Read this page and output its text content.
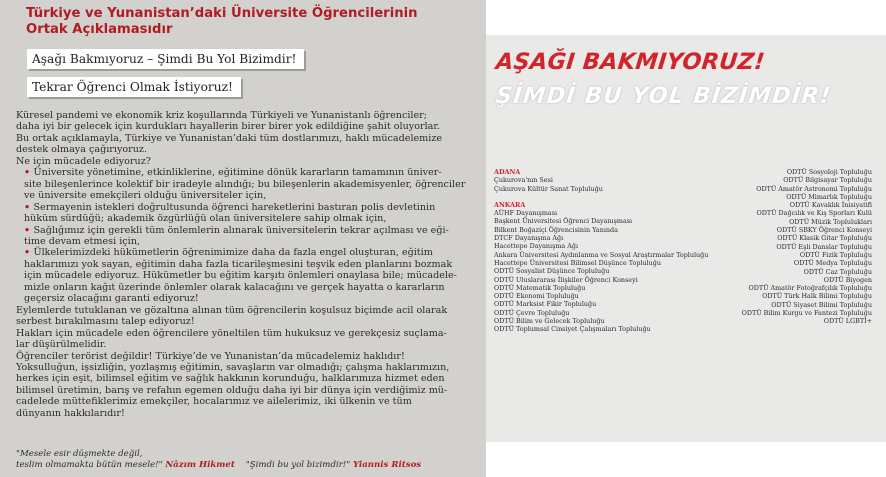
Türkiye ve Yunanistan’daki Üniversite Öğrencilerinin
Ortak Açıklamasıdır
Aşağı Bakmıyoruz – Şimdi Bu Yol Bizimdir!
Tekrar Öğrenci Olmak İstiyoruz!

Küresel pandemi ve ekonomik kriz koşullarında Türkiyeli ve Yunanistanlı öğrenciler;
daha iyi bir gelecek için kurdukları hayallerin birer birer yok edildiğine şahit oluyorlar.
Bu ortak açıklamayla, Türkiye ve Yunanistan’daki tüm dostlarımızı, haklı mücadelemize
destek olmaya çağırıyoruz.

Ne için mücadele ediyoruz?

• Üniversite yönetimine, etkinliklerine, eğitimine dönük kararların tamamının üniver-
site bileşenlerince kolektif bir iradeyle alındığı; bu bileşenlerin akademisyenler, öğrenciler
ve üniversite emekçileri olduğu üniversiteler için,

• Sermayenin istekleri doğrultusunda öğrenci hareketlerini bastıran polis devletinin
hüküm sürdüğü; akademik özgürlüğü olan üniversitelere sahip olmak için,

• Sağlığımız için gerekli tüm önlemlerin alınarak üniversitelerin tekrar açılması ve eği-
time devam etmesi için,

• Ülkelerimizdeki hükümetlerin öğrenimimize daha da fazla engel oluşturan, eğitim
haklarımızı yok sayan, eğitimin daha fazla ticarileşmesini teşvik eden planlarını bozmak
için mücadele ediyoruz. Hükümetler bu eğitim karşıtı önlemleri onaylasa bile; mücadele-
mizle onların kağıt üzerinde önlemler olarak kalacağını ve gerçek hayatta o kararların
geçersiz olacağını garanti ediyoruz!

Eylemlerde tutuklanan ve gözaltına alınan tüm öğrencilerin koşulsuz biçimde acil olarak
serbest bırakılmasını talep ediyoruz!

Hakları için mücadele eden öğrencilere yöneltilen tüm hukuksuz ve gerekçesiz suçlama-
lar düşürülmelidir.

Öğrenciler terörist değildir! Türkiye’de ve Yunanistan’da mücadelemiz haklıdır!

Yoksulluğun, işsizliğin, yozlaşmış eğitimin, savaşların var olmadığı; çalışma haklarımızın,
herkes için eşit, bilimsel eğitim ve sağlık hakkının korunduğu, halklarımıza hizmet eden
bilimsel üretimin, barış ve refahın egemen olduğu daha iyi bir dünya için verdiğimiz mü-
cadelede müttefiklerimiz emekçiler, hocalarımız ve ailelerimiz, iki ülkenin ve tüm
dünyanın hakkılarıdır!

"Mesele esir düşmekte değil,
teslim olmamakta bütün mesele!" Nâzım Hikmet "Şimdi bu yol bizimdir!" Yiannis Ritsos
AŞAĞI BAKMIYORUZ!
ŞİMDİ BU YOL BİZİMDİR!
ADANA
Çukurova'nın Sesi
Çukurova Kültür Sanat Topluluğu
ANKARA
AÜHF Dayanışması
Başkent Üniversitesi Öğrenci Dayanışması
Bilkent Boğaziçi Öğrencisinin Yanında
DTCF Dayanışma Ağı
Hacettepe Dayanışma Ağı
Ankara Üniversitesi Aydınlanma ve Sosyal Araştırmalar Topluluğu
Hacettepe Üniversitesi Bilimsel Düşünce Topluluğu
ODTÜ Sosyalist Düşünce Topluluğu
ODTÜ Uluslararası İlişkiler Öğrenci Konseyi
ODTÜ Matematik Topluluğu
ODTÜ Ekonomi Topluluğu
ODTÜ Marksist Fikir Topluluğu
ODTÜ Çevre Topluluğu
ODTÜ Bilim ve Gelecek Topluluğu
ODTÜ Toplumsal Cinsiyet Çalışmaları Topluluğu
ODTÜ Sosyoloji Topluluğu
ODTÜ Bilgisayar Topluluğu
ODTÜ Amatör Astronomi Topluluğu
ODTÜ Mimarlık Topluluğu
ODTÜ Kavaklık İnisiyatifi
ODTÜ Dağcılık ve Kış Sporları Kulü
ODTÜ Müzik Toplulukları
ODTÜ SBKY Öğrenci Konseyi
ODTÜ Klasik Gitar Topluluğu
ODTÜ Eşli Danslar Topluluğu
ODTÜ Fizik Topluluğu
ODTÜ Medya Topluluğu
ODTÜ Caz Topluluğu
ODTÜ Biyogen
ODTÜ Amatör Fotoğrafçılık Topluluğu
ODTÜ Türk Halk Bilimi Topluluğu
ODTÜ Siyaset Bilimi Topluluğu
ODTÜ Bilim Kurgu ve Fantezi Topluluğu
ODTÜ LGBTİ+
